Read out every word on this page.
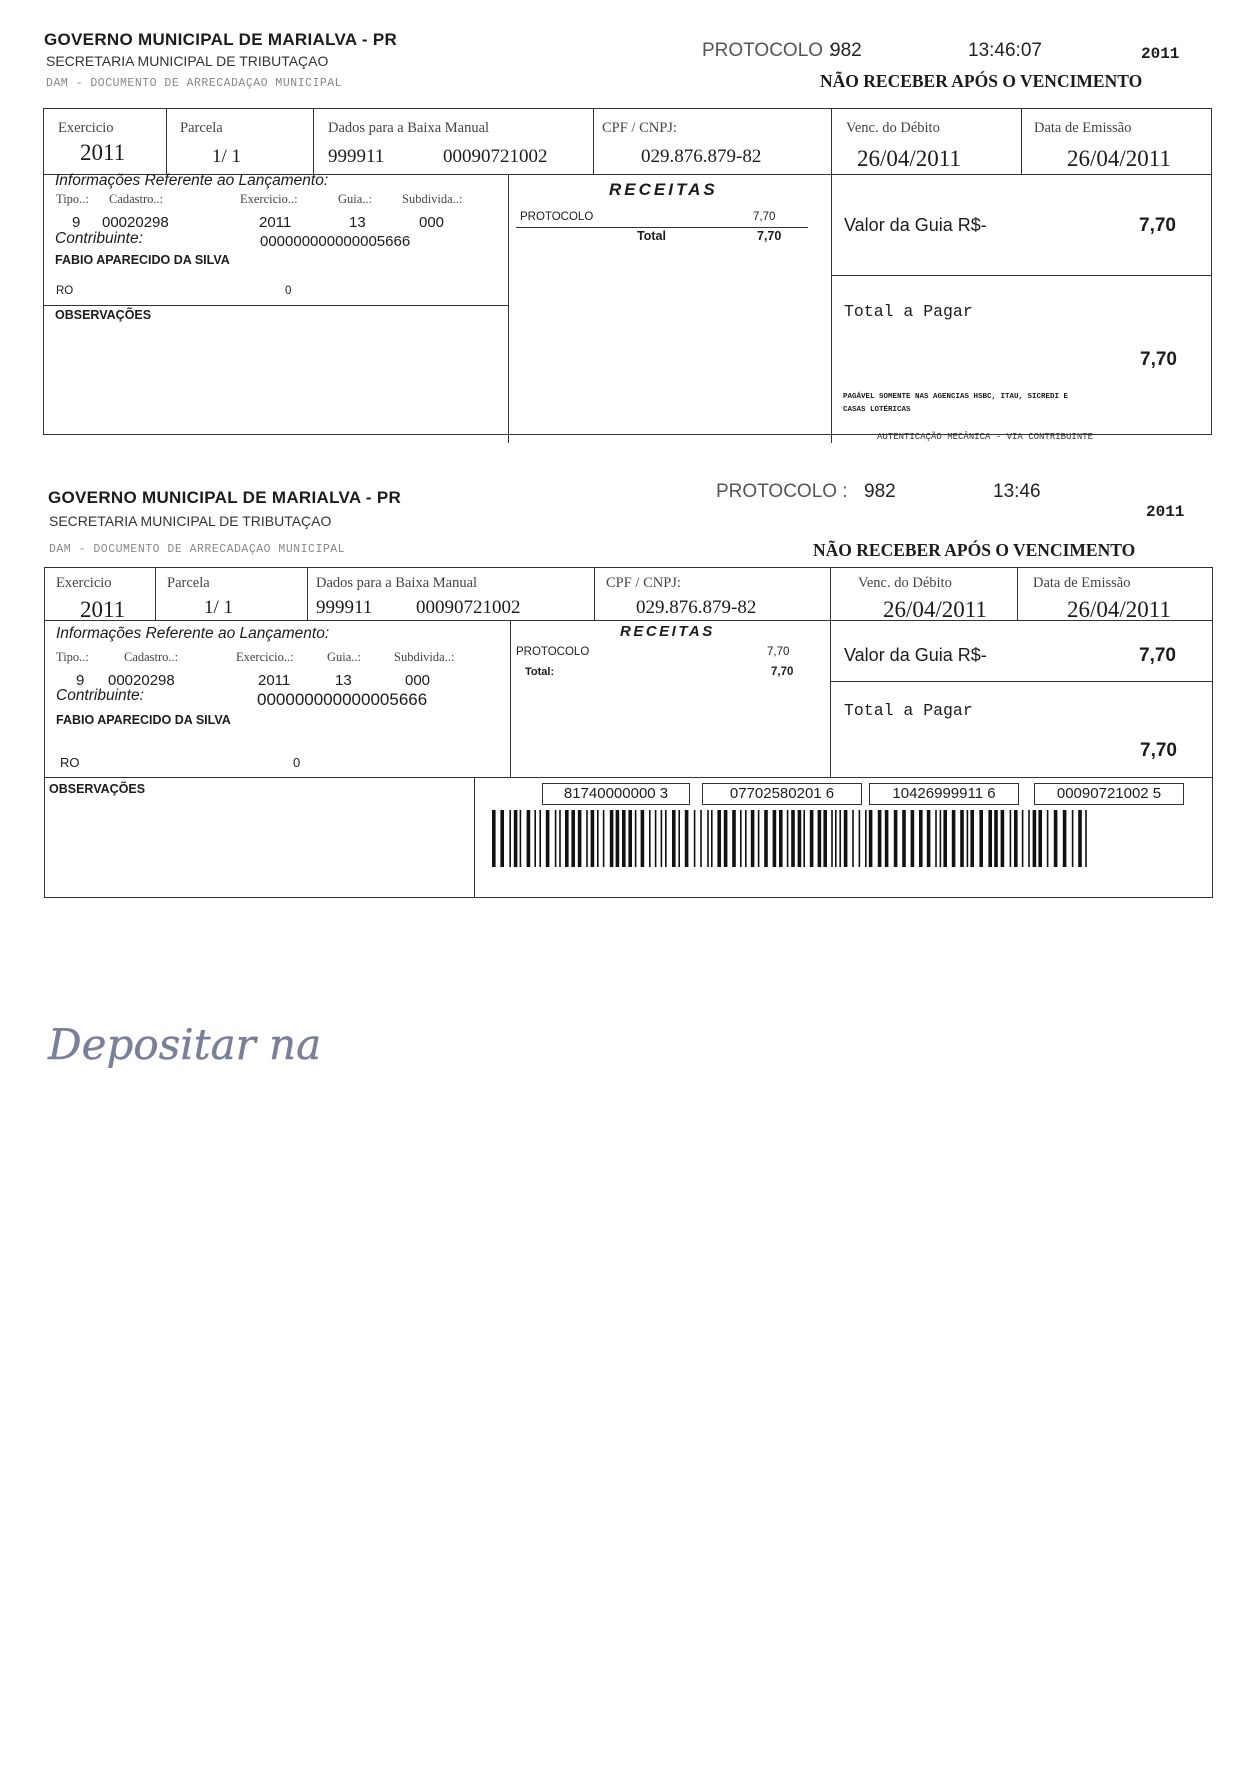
GOVERNO MUNICIPAL DE MARIALVA - PR
SECRETARIA MUNICIPAL DE TRIBUTAÇAO
DAM - DOCUMENTO DE ARRECADAÇAO MUNICIPAL
PROTOCOLO :
982	13:46:07	2011
NÃO RECEBER APÓS O VENCIMENTO
Exercicio
2011
Parcela
1/ 1
Dados para a Baixa Manual
999911	00090721002
CPF / CNPJ:
029.876.879-82
Venc. do Débito
26/04/2011
Data de Emissão
26/04/2011
Informações Referente ao Lançamento:
Tipo..: Cadastro..:	Exercicio..:	Guia..: Subdivida..:
9 00020298	2011	13	000
Contribuinte:	000000000000005666
FABIO APARECIDO DA SILVA
RO	0
OBSERVAÇÕES
RECEITAS
PROTOCOLO	7,70
Total	7,70
Valor da Guia R$-	7,70
Total a Pagar
7,70
PAGÁVEL SOMENTE NAS AGENCIAS HSBC, ITAU, SICREDI E
CASAS LOTÉRICAS
AUTENTICAÇÃO MECÂNICA - VIA CONTRIBUINTE
GOVERNO MUNICIPAL DE MARIALVA - PR
SECRETARIA MUNICIPAL DE TRIBUTAÇAO
DAM - DOCUMENTO DE ARRECADAÇAO MUNICIPAL
PROTOCOLO : 982	13:46
2011
NÃO RECEBER APÓS O VENCIMENTO
Exercicio
2011
Parcela
1/ 1
Dados para a Baixa Manual
999911 00090721002
CPF / CNPJ:
029.876.879-82
Venc. do Débito
26/04/2011
Data de Emissão
26/04/2011
Informações Referente ao Lançamento:
Tipo..:	Cadastro..:	Exercicio..:	Guia..:	Subdivida..:
9 00020298	2011	13	000
Contribuinte:	000000000000005666
FABIO APARECIDO DA SILVA
RO	0
OBSERVAÇÕES
RECEITAS
PROTOCOLO	7,70
Total:	7,70
Valor da Guia R$-	7,70
Total a Pagar
7,70
81740000000 3	07702580201 6	10426999911 6	00090721002 5
Depositar na
